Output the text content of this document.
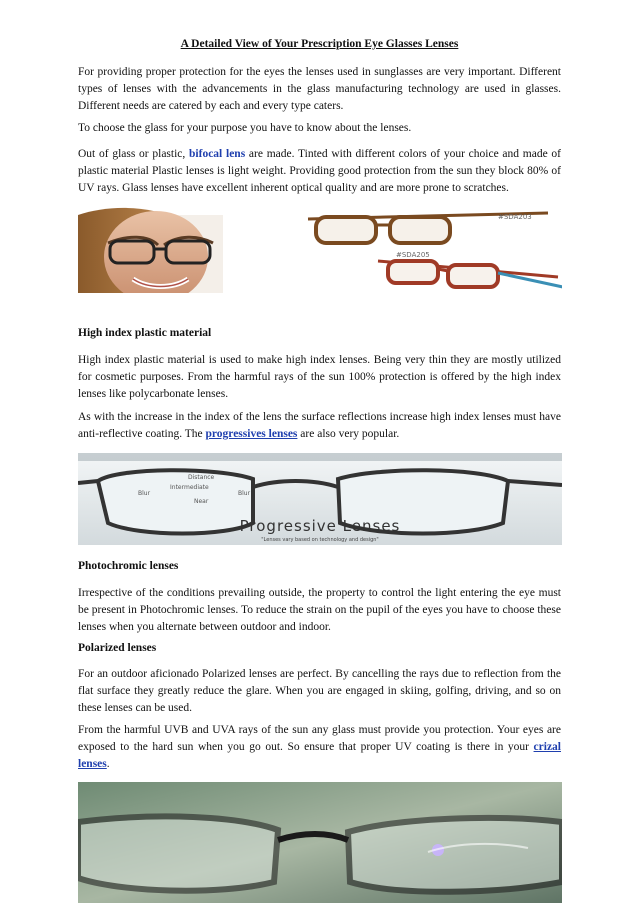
A Detailed View of Your Prescription Eye Glasses Lenses

For providing proper protection for the eyes the lenses used in sunglasses are very important. Different types of lenses with the advancements in the glass manufacturing technology are used in glasses. Different needs are catered by each and every type caters.

To choose the glass for your purpose you have to know about the lenses.

Out of glass or plastic, bifocal lens are made. Tinted with different colors of your choice and made of plastic material Plastic lenses is light weight. Providing good protection from the sun they block 80% of UV rays. Glass lenses have excellent inherent optical quality and are more prone to scratches.

#SDA203
#SDA205
High index plastic material

High index plastic material is used to make high index lenses. Being very thin they are mostly utilized for cosmetic purposes. From the harmful rays of the sun 100% protection is offered by the high index lenses like polycarbonate lenses.

As with the increase in the index of the lens the surface reflections increase high index lenses must have anti-reflective coating. The progressives lenses are also very popular.

Distance
Intermediate
Blur	Blur
Near
Progressive Lenses
"Lenses vary based on technology and design"
Photochromic lenses

Irrespective of the conditions prevailing outside, the property to control the light entering the eye must be present in Photochromic lenses. To reduce the strain on the pupil of the eyes you have to choose these lenses when you alternate between outdoor and indoor.

Polarized lenses

For an outdoor aficionado Polarized lenses are perfect. By cancelling the rays due to reflection from the flat surface they greatly reduce the glare. When you are engaged in skiing, golfing, driving, and so on these lenses can be used.

From the harmful UVB and UVA rays of the sun any glass must provide you protection. Your eyes are exposed to the hard sun when you go out. So ensure that proper UV coating is there in your crizal lenses.
